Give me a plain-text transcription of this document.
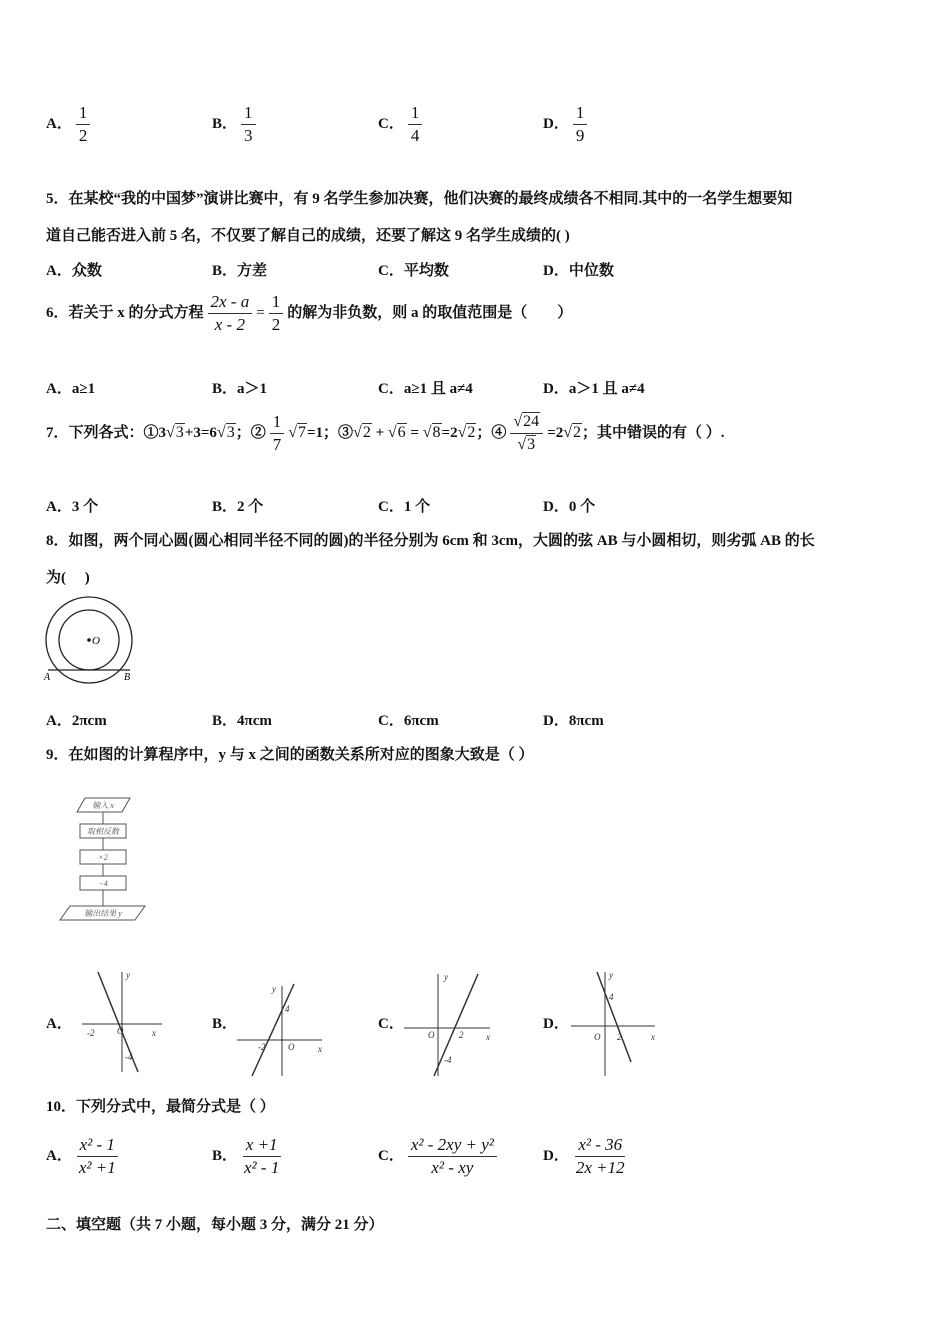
A． $\frac{1}{2}$	B． $\frac{1}{3}$	C． $\frac{1}{4}$	D． $\frac{1}{9}$
5．在某校“我的中国梦”演讲比赛中，有 9 名学生参加决赛，他们决赛的最终成绩各不相同.其中的一名学生想要知
道自己能否进入前 5 名，不仅要了解自己的成绩，还要了解这 9 名学生成绩的( )
A．众数	B．方差	C．平均数	D．中位数
6．若关于 x 的分式方程 $\frac{2x - a}{x - 2} = \frac{1}{2}$ 的解为非负数，则 a 的取值范围是（　　）
A．a≥1	B．a＞1	C．a≥1 且 a≠4	D．a＞1 且 a≠4
7．下列各式：①3√3+3=6√3；② $\frac{1}{7} √7=1$；③√2 + √6 = √8=2√2；④ $\frac{√24}{√3} =2√2$；其中错误的有（ ）.
A．3 个	B．2 个	C．1 个	D．0 个
8．如图，两个同心圆(圆心相同半径不同的圆)的半径分别为 6cm 和 3cm，大圆的弦 AB 与小圆相切，则劣弧 AB 的长
为(　 )
O
A	B
A．2πcm	B．4πcm	C．6πcm	D．8πcm
9．在如图的计算程序中，y 与 x 之间的函数关系所对应的图象大致是（ ）
输入 x
取相反数
×2
−4
输出结果 y
A．	B．	C．	D．
y
x
-2	O
-4
y
x
-2	O
4
y
x
O	2
-4
y
x
O 2
4
10．下列分式中，最简分式是（ ）
A． $\frac{\text{x² - 1}}{\text{x² +1}}$	B． $\frac{x +1}{\text{x² - 1}}$	C． $\frac{\text{x² - 2xy + y²}}{\text{x² - xy}}$	D． $\frac{\text{x² - 36}}{2x +12}$
二、填空题（共 7 小题，每小题 3 分，满分 21 分）
